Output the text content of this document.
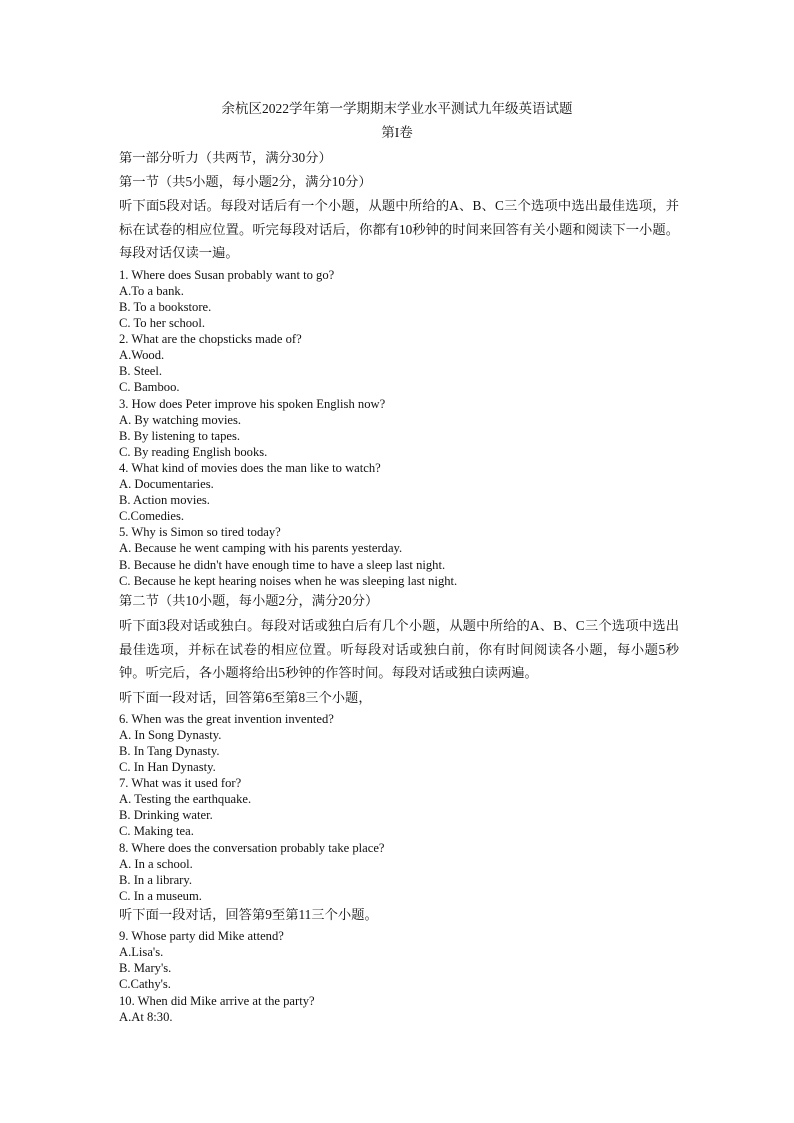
余杭区2022学年第一学期期末学业水平测试九年级英语试题
第I卷
第一部分听力（共两节，满分30分）
第一节（共5小题，每小题2分，满分10分）
听下面5段对话。每段对话后有一个小题，从题中所给的A、B、C三个选项中选出最佳选项，并标在试卷的相应位置。听完每段对话后，你都有10秒钟的时间来回答有关小题和阅读下一小题。每段对话仅读一遍。
1. Where does Susan probably want to go?
A.To a bank.
B. To a bookstore.
C. To her school.
2. What are the chopsticks made of?
A.Wood.
B. Steel.
C. Bamboo.
3. How does Peter improve his spoken English now?
A. By watching movies.
B. By listening to tapes.
C. By reading English books.
4. What kind of movies does the man like to watch?
A. Documentaries.
B. Action movies.
C.Comedies.
5. Why is Simon so tired today?
A. Because he went camping with his parents yesterday.
B. Because he didn't have enough time to have a sleep last night.
C. Because he kept hearing noises when he was sleeping last night.
第二节（共10小题，每小题2分，满分20分）
听下面3段对话或独白。每段对话或独白后有几个小题，从题中所给的A、B、C三个选项中选出最佳选项，并标在试卷的相应位置。听每段对话或独白前，你有时间阅读各小题，每小题5秒钟。听完后，各小题将给出5秒钟的作答时间。每段对话或独白读两遍。
听下面一段对话，回答第6至第8三个小题，
6. When was the great invention invented?
A. In Song Dynasty.
B. In Tang Dynasty.
C. In Han Dynasty.
7. What was it used for?
A. Testing the earthquake.
B. Drinking water.
C. Making tea.
8. Where does the conversation probably take place?
A. In a school.
B. In a library.
C. In a museum.
听下面一段对话，回答第9至第11三个小题。
9. Whose party did Mike attend?
A.Lisa's.
B. Mary's.
C.Cathy's.
10. When did Mike arrive at the party?
A.At 8:30.
